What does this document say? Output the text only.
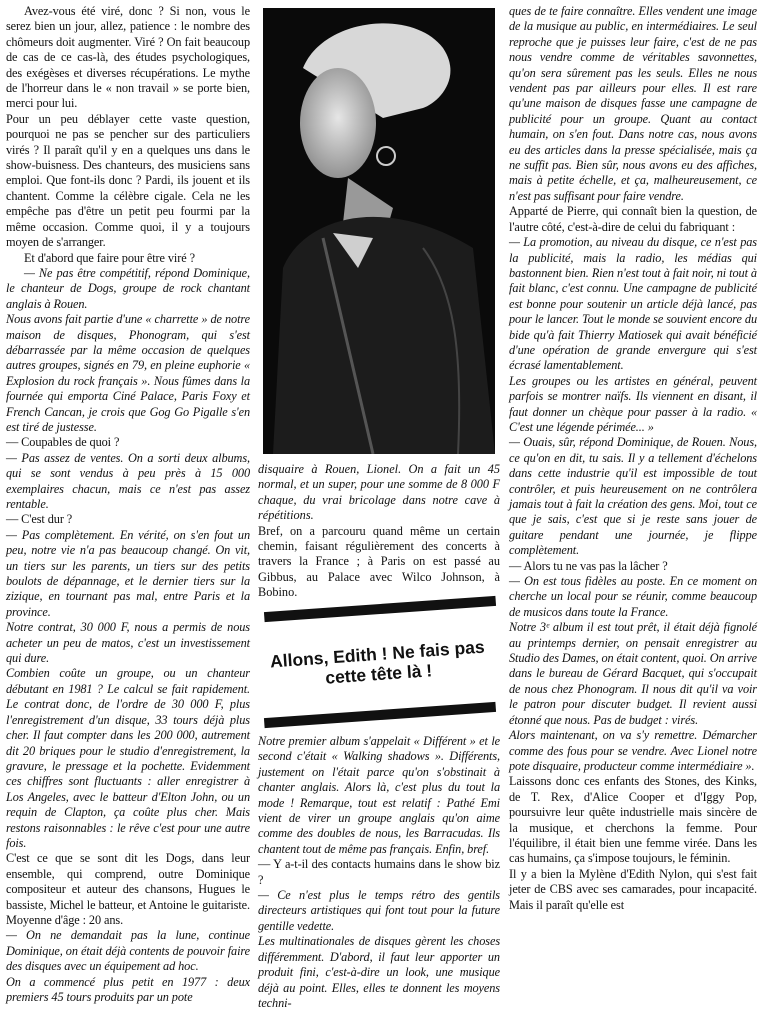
Avez-vous été viré, donc ? Si non, vous le serez bien un jour, allez, patience : le nombre des chômeurs doit augmenter. Viré ? On fait beaucoup de cas de ce cas-là, des études psychologiques, des exégèses et diverses récupérations. Le mythe de l'horreur dans le « non travail » se porte bien, merci pour lui.

Pour un peu déblayer cette vaste question, pourquoi ne pas se pencher sur des particuliers virés ? Il paraît qu'il y en a quelques uns dans le show-buisness. Des chanteurs, des musiciens sans emploi. Que font-ils donc ? Pardi, ils jouent et ils chantent. Comme la célèbre cigale. Cela ne les empêche pas d'être un petit peu fourmi par la même occasion. Comme quoi, il y a toujours moyen de s'arranger.

Et d'abord que faire pour être viré ?

— Ne pas être compétitif, répond Dominique, le chanteur de Dogs, groupe de rock chantant anglais à Rouen.

Nous avons fait partie d'une « charrette » de notre maison de disques, Phonogram, qui s'est débarrassée par la même occasion de quelques autres groupes, signés en 79, en pleine euphorie « Explosion du rock français ». Nous fûmes dans la fournée qui emporta Ciné Palace, Paris Foxy et French Cancan, je crois que Gog Go Pigalle s'en est tiré de justesse.

— Coupables de quoi ?

— Pas assez de ventes. On a sorti deux albums, qui se sont vendus à peu près à 15 000 exemplaires chacun, mais ce n'est pas assez rentable.

— C'est dur ?

— Pas complètement. En vérité, on s'en fout un peu, notre vie n'a pas beaucoup changé. On vit, un tiers sur les parents, un tiers sur des petits boulots de dépannage, et le dernier tiers sur la zizique, en tournant pas mal, entre Paris et la province.

Notre contrat, 30 000 F, nous a permis de nous acheter un peu de matos, c'est un investissement qui dure.

Combien coûte un groupe, ou un chanteur débutant en 1981 ? Le calcul se fait rapidement. Le contrat donc, de l'ordre de 30 000 F, plus l'enregistrement d'un disque, 33 tours déjà plus cher. Il faut compter dans les 200 000, autrement dit 20 briques pour le studio d'enregistrement, la gravure, le pressage et la pochette. Evidemment ces chiffres sont fluctuants : aller enregistrer à Los Angeles, avec le batteur d'Elton John, ou un requin de Clapton, ça coûte plus cher. Mais restons raisonnables : le rêve c'est pour une autre fois.

C'est ce que se sont dit les Dogs, dans leur ensemble, qui comprend, outre Dominique compositeur et auteur des chansons, Hugues le bassiste, Michel le batteur, et Antoine le guitariste. Moyenne d'âge : 20 ans.

— On ne demandait pas la lune, continue Dominique, on était déjà contents de pouvoir faire des disques avec un équipement ad hoc.

On a commencé plus petit en 1977 : deux premiers 45 tours produits par un pote

disquaire à Rouen, Lionel. On a fait un 45 normal, et un super, pour une somme de 8 000 F chaque, du vrai bricolage dans notre cave à répétitions.

Bref, on a parcouru quand même un certain chemin, faisant régulièrement des concerts à travers la France ; à Paris on est passé au Gibbus, au Palace avec Wilco Johnson, à Bobino.

Allons, Edith ! Ne fais pas cette tête là !

Notre premier album s'appelait « Différent » et le second c'était « Walking shadows ». Différents, justement on l'était parce qu'on s'obstinait à chanter anglais. Alors là, c'est plus du tout la mode ! Remarque, tout est relatif : Pathé Emi vient de virer un groupe anglais qu'on aime comme des doubles de nous, les Barracudas. Ils chantent tout de même pas français. Enfin, bref.

— Y a-t-il des contacts humains dans le show biz ?

— Ce n'est plus le temps rétro des gentils directeurs artistiques qui font tout pour la future gentille vedette.

Les multinationales de disques gèrent les choses différemment. D'abord, il faut leur apporter un produit fini, c'est-à-dire un look, une musique déjà au point. Elles, elles te donnent les moyens techni-

ques de te faire connaître. Elles vendent une image de la musique au public, en intermédiaires. Le seul reproche que je puisses leur faire, c'est de ne pas nous vendre comme de véritables savonnettes, qu'on sera sûrement pas les seuls. Elles ne nous vendent pas par ailleurs pour elles. Il est rare qu'une maison de disques fasse une campagne de publicité pour un groupe. Quant au contact humain, on s'en fout. Dans notre cas, nous avons eu des articles dans la presse spécialisée, mais ça ne suffit pas. Bien sûr, nous avons eu des affiches, mais à petite échelle, et ça, malheureusement, ce n'est pas suffisant pour faire vendre.

Apparté de Pierre, qui connaît bien la question, de l'autre côté, c'est-à-dire de celui du fabriquant :

— La promotion, au niveau du disque, ce n'est pas la publicité, mais la radio, les médias qui bastonnent bien. Rien n'est tout à fait noir, ni tout à fait blanc, c'est connu. Une campagne de publicité est bonne pour soutenir un article déjà lancé, pas pour le lancer. Tout le monde se souvient encore du bide qu'à fait Thierry Matiosek qui avait bénéficié d'une opération de grande envergure qui s'est écrasé lamentablement.

Les groupes ou les artistes en général, peuvent parfois se montrer naïfs. Ils viennent en disant, il faut donner un chèque pour passer à la radio. « C'est une légende périmée... »

— Ouais, sûr, répond Dominique, de Rouen. Nous, ce qu'on en dit, tu sais. Il y a tellement d'échelons dans cette industrie qu'il est impossible de tout contrôler, et puis heureusement on ne contrôlera jamais tout à fait la création des gens. Moi, tout ce que je sais, c'est que si je reste sans jouer de guitare pendant une journée, je flippe complètement.

— Alors tu ne vas pas la lâcher ?

— On est tous fidèles au poste. En ce moment on cherche un local pour se réunir, comme beaucoup de musicos dans toute la France.

Notre 3ᵉ album il est tout prêt, il était déjà fignolé au printemps dernier, on pensait enregistrer au Studio des Dames, on était content, quoi. On arrive dans le bureau de Gérard Bacquet, qui s'occupait de nous chez Phonogram. Il nous dit qu'il va voir le patron pour discuter budget. Il revient aussi étonné que nous. Pas de budget : virés.

Alors maintenant, on va s'y remettre. Démarcher comme des fous pour se vendre. Avec Lionel notre pote disquaire, producteur comme intermédiaire ».

Laissons donc ces enfants des Stones, des Kinks, de T. Rex, d'Alice Cooper et d'Iggy Pop, poursuivre leur quête industrielle mais sincère de la musique, et cherchons la femme. Pour l'équilibre, il était bien une femme virée. Dans les cas humains, ça s'impose toujours, le féminin.

Il y a bien la Mylène d'Edith Nylon, qui s'est fait jeter de CBS avec ses camarades, pour incapacité. Mais il paraît qu'elle est
